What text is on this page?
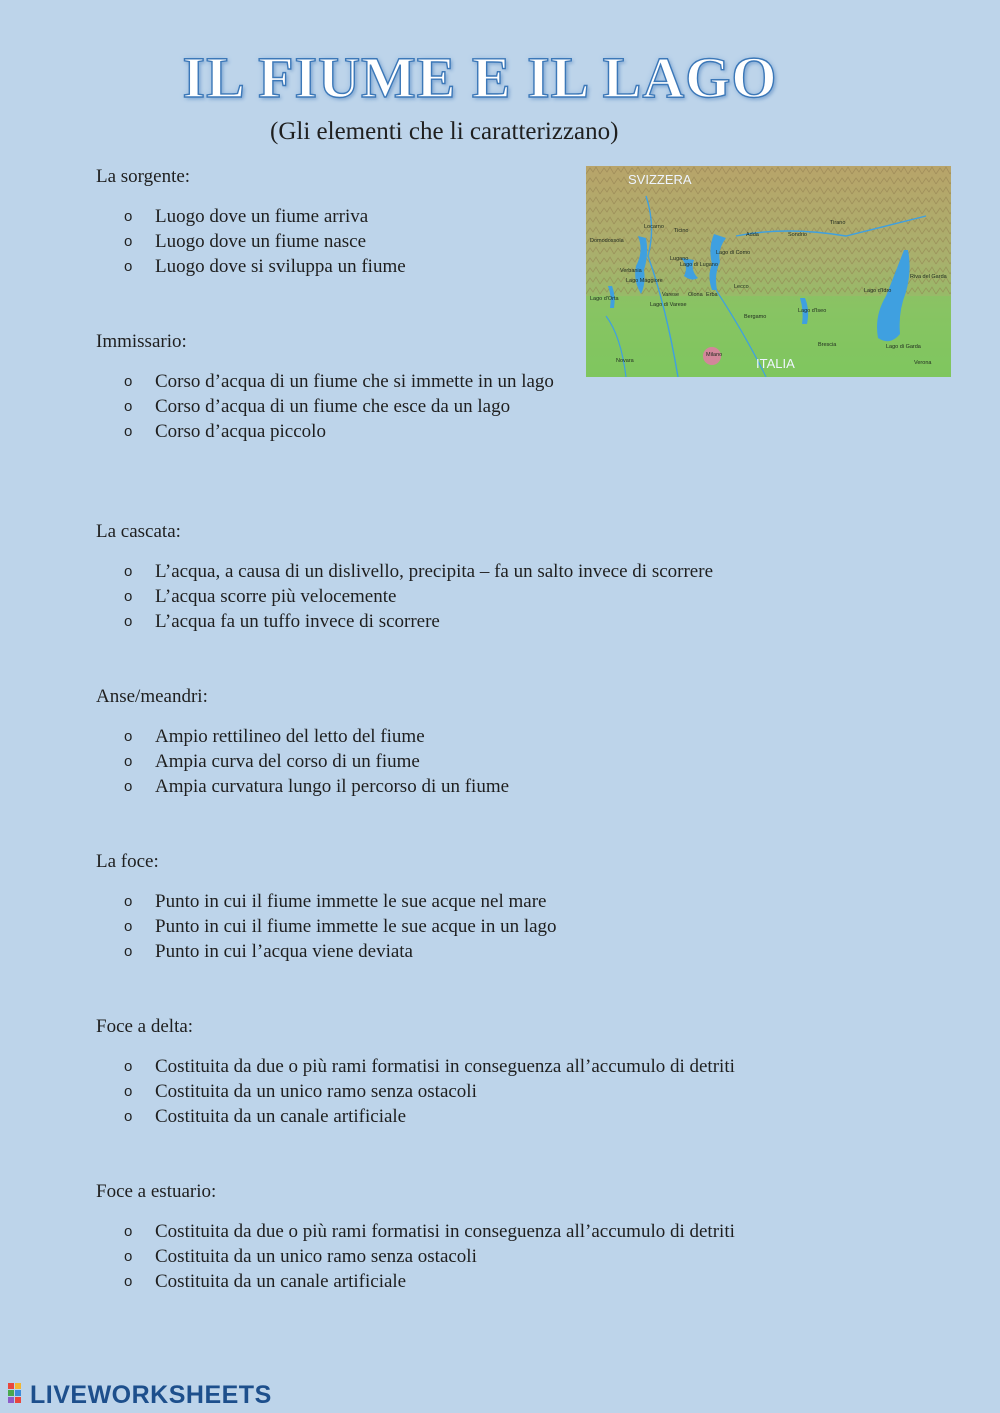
IL FIUME E IL LAGO
(Gli elementi che li caratterizzano)
SVIZZERA
ITALIA
Domodossola
Locarno
Ticino
Adda	Sondrio
Tirano
Lugano
Lago di Como
Verbania
Lago di Lugano
Lago Maggiore
Lago d'Orta
Varese Olona Erba
Lecco
Lago di Varese
Bergamo
Lago d'Iseo
Riva del Garda
Lago d'Idro
Brescia	Lago di Garda
Novara
Milano
Verona

La sorgente:

o Luogo dove un fiume arriva
o Luogo dove un fiume nasce
o Luogo dove si sviluppa un fiume

Immissario:

o Corso d’acqua di un fiume che si immette in un lago
o Corso d’acqua di un fiume che esce da un lago
o Corso d’acqua piccolo

La cascata:

o L’acqua, a causa di un dislivello, precipita – fa un salto invece di scorrere
o L’acqua scorre più velocemente
o L’acqua fa un tuffo invece di scorrere

Anse/meandri:

o Ampio rettilineo del letto del fiume
o Ampia curva del corso di un fiume
o Ampia curvatura lungo il percorso di un fiume

La foce:

o Punto in cui il fiume immette le sue acque nel mare
o Punto in cui il fiume immette le sue acque in un lago
o Punto in cui l’acqua viene deviata

Foce a delta:

o Costituita da due o più rami formatisi in conseguenza all’accumulo di detriti
o Costituita da un unico ramo senza ostacoli
o Costituita da un canale artificiale

Foce a estuario:

o Costituita da due o più rami formatisi in conseguenza all’accumulo di detriti
o Costituita da un unico ramo senza ostacoli
o Costituita da un canale artificiale
LIVEWORKSHEETS
